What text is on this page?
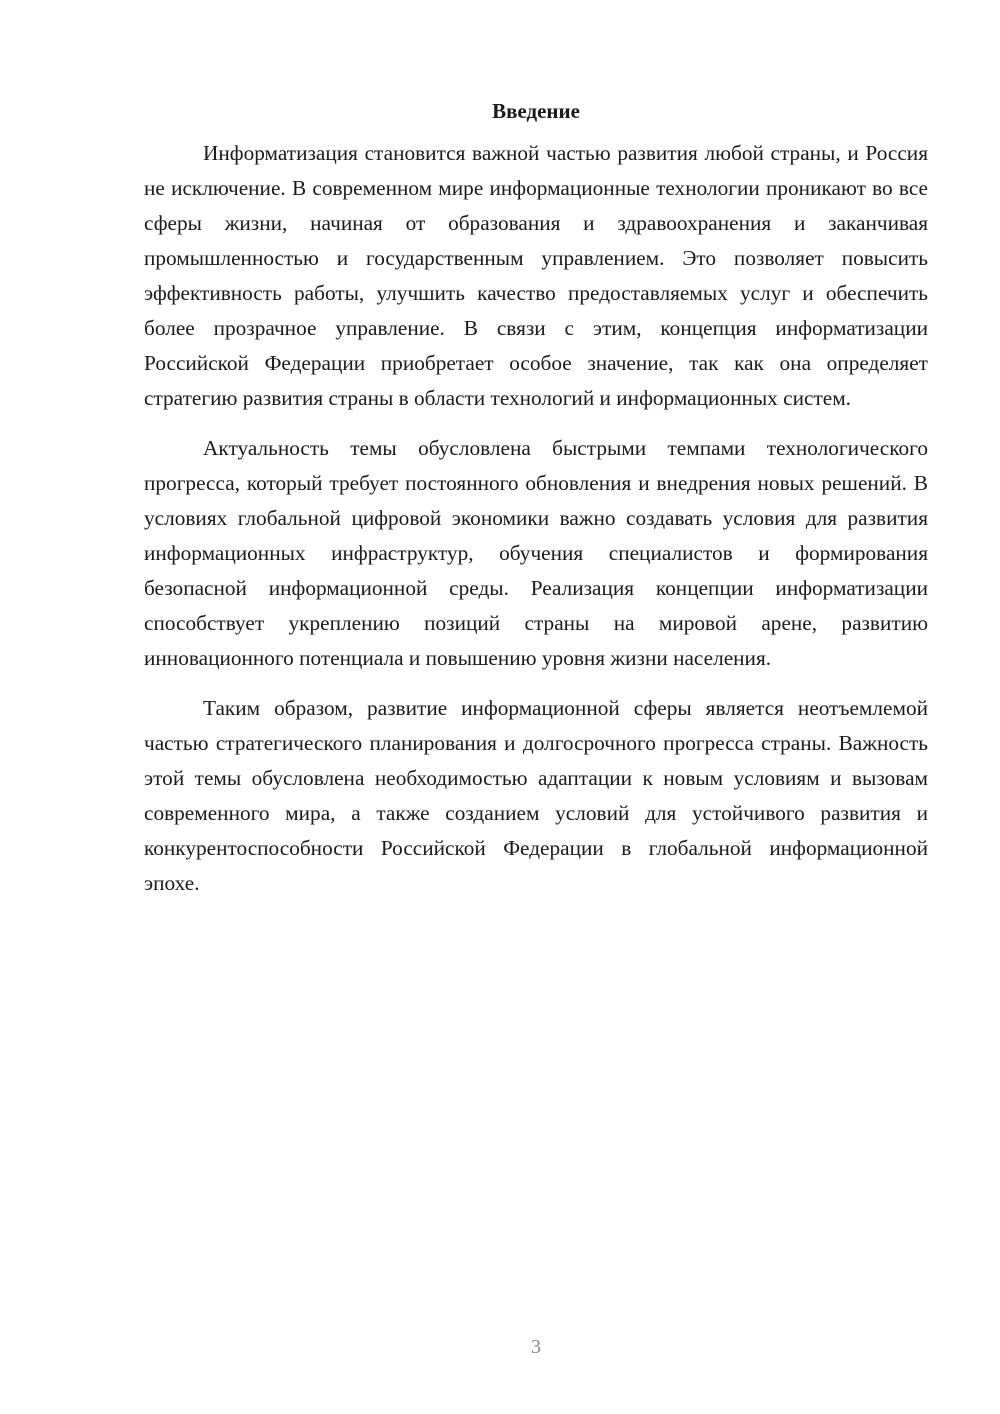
Введение

Информатизация становится важной частью развития любой страны, и Россия не исключение. В современном мире информационные технологии проникают во все сферы жизни, начиная от образования и здравоохранения и заканчивая промышленностью и государственным управлением. Это позволяет повысить эффективность работы, улучшить качество предоставляемых услуг и обеспечить более прозрачное управление. В связи с этим, концепция информатизации Российской Федерации приобретает особое значение, так как она определяет стратегию развития страны в области технологий и информационных систем.

Актуальность темы обусловлена быстрыми темпами технологического прогресса, который требует постоянного обновления и внедрения новых решений. В условиях глобальной цифровой экономики важно создавать условия для развития информационных инфраструктур, обучения специалистов и формирования безопасной информационной среды. Реализация концепции информатизации способствует укреплению позиций страны на мировой арене, развитию инновационного потенциала и повышению уровня жизни населения.

Таким образом, развитие информационной сферы является неотъемлемой частью стратегического планирования и долгосрочного прогресса страны. Важность этой темы обусловлена необходимостью адаптации к новым условиям и вызовам современного мира, а также созданием условий для устойчивого развития и конкурентоспособности Российской Федерации в глобальной информационной эпохе.

3
